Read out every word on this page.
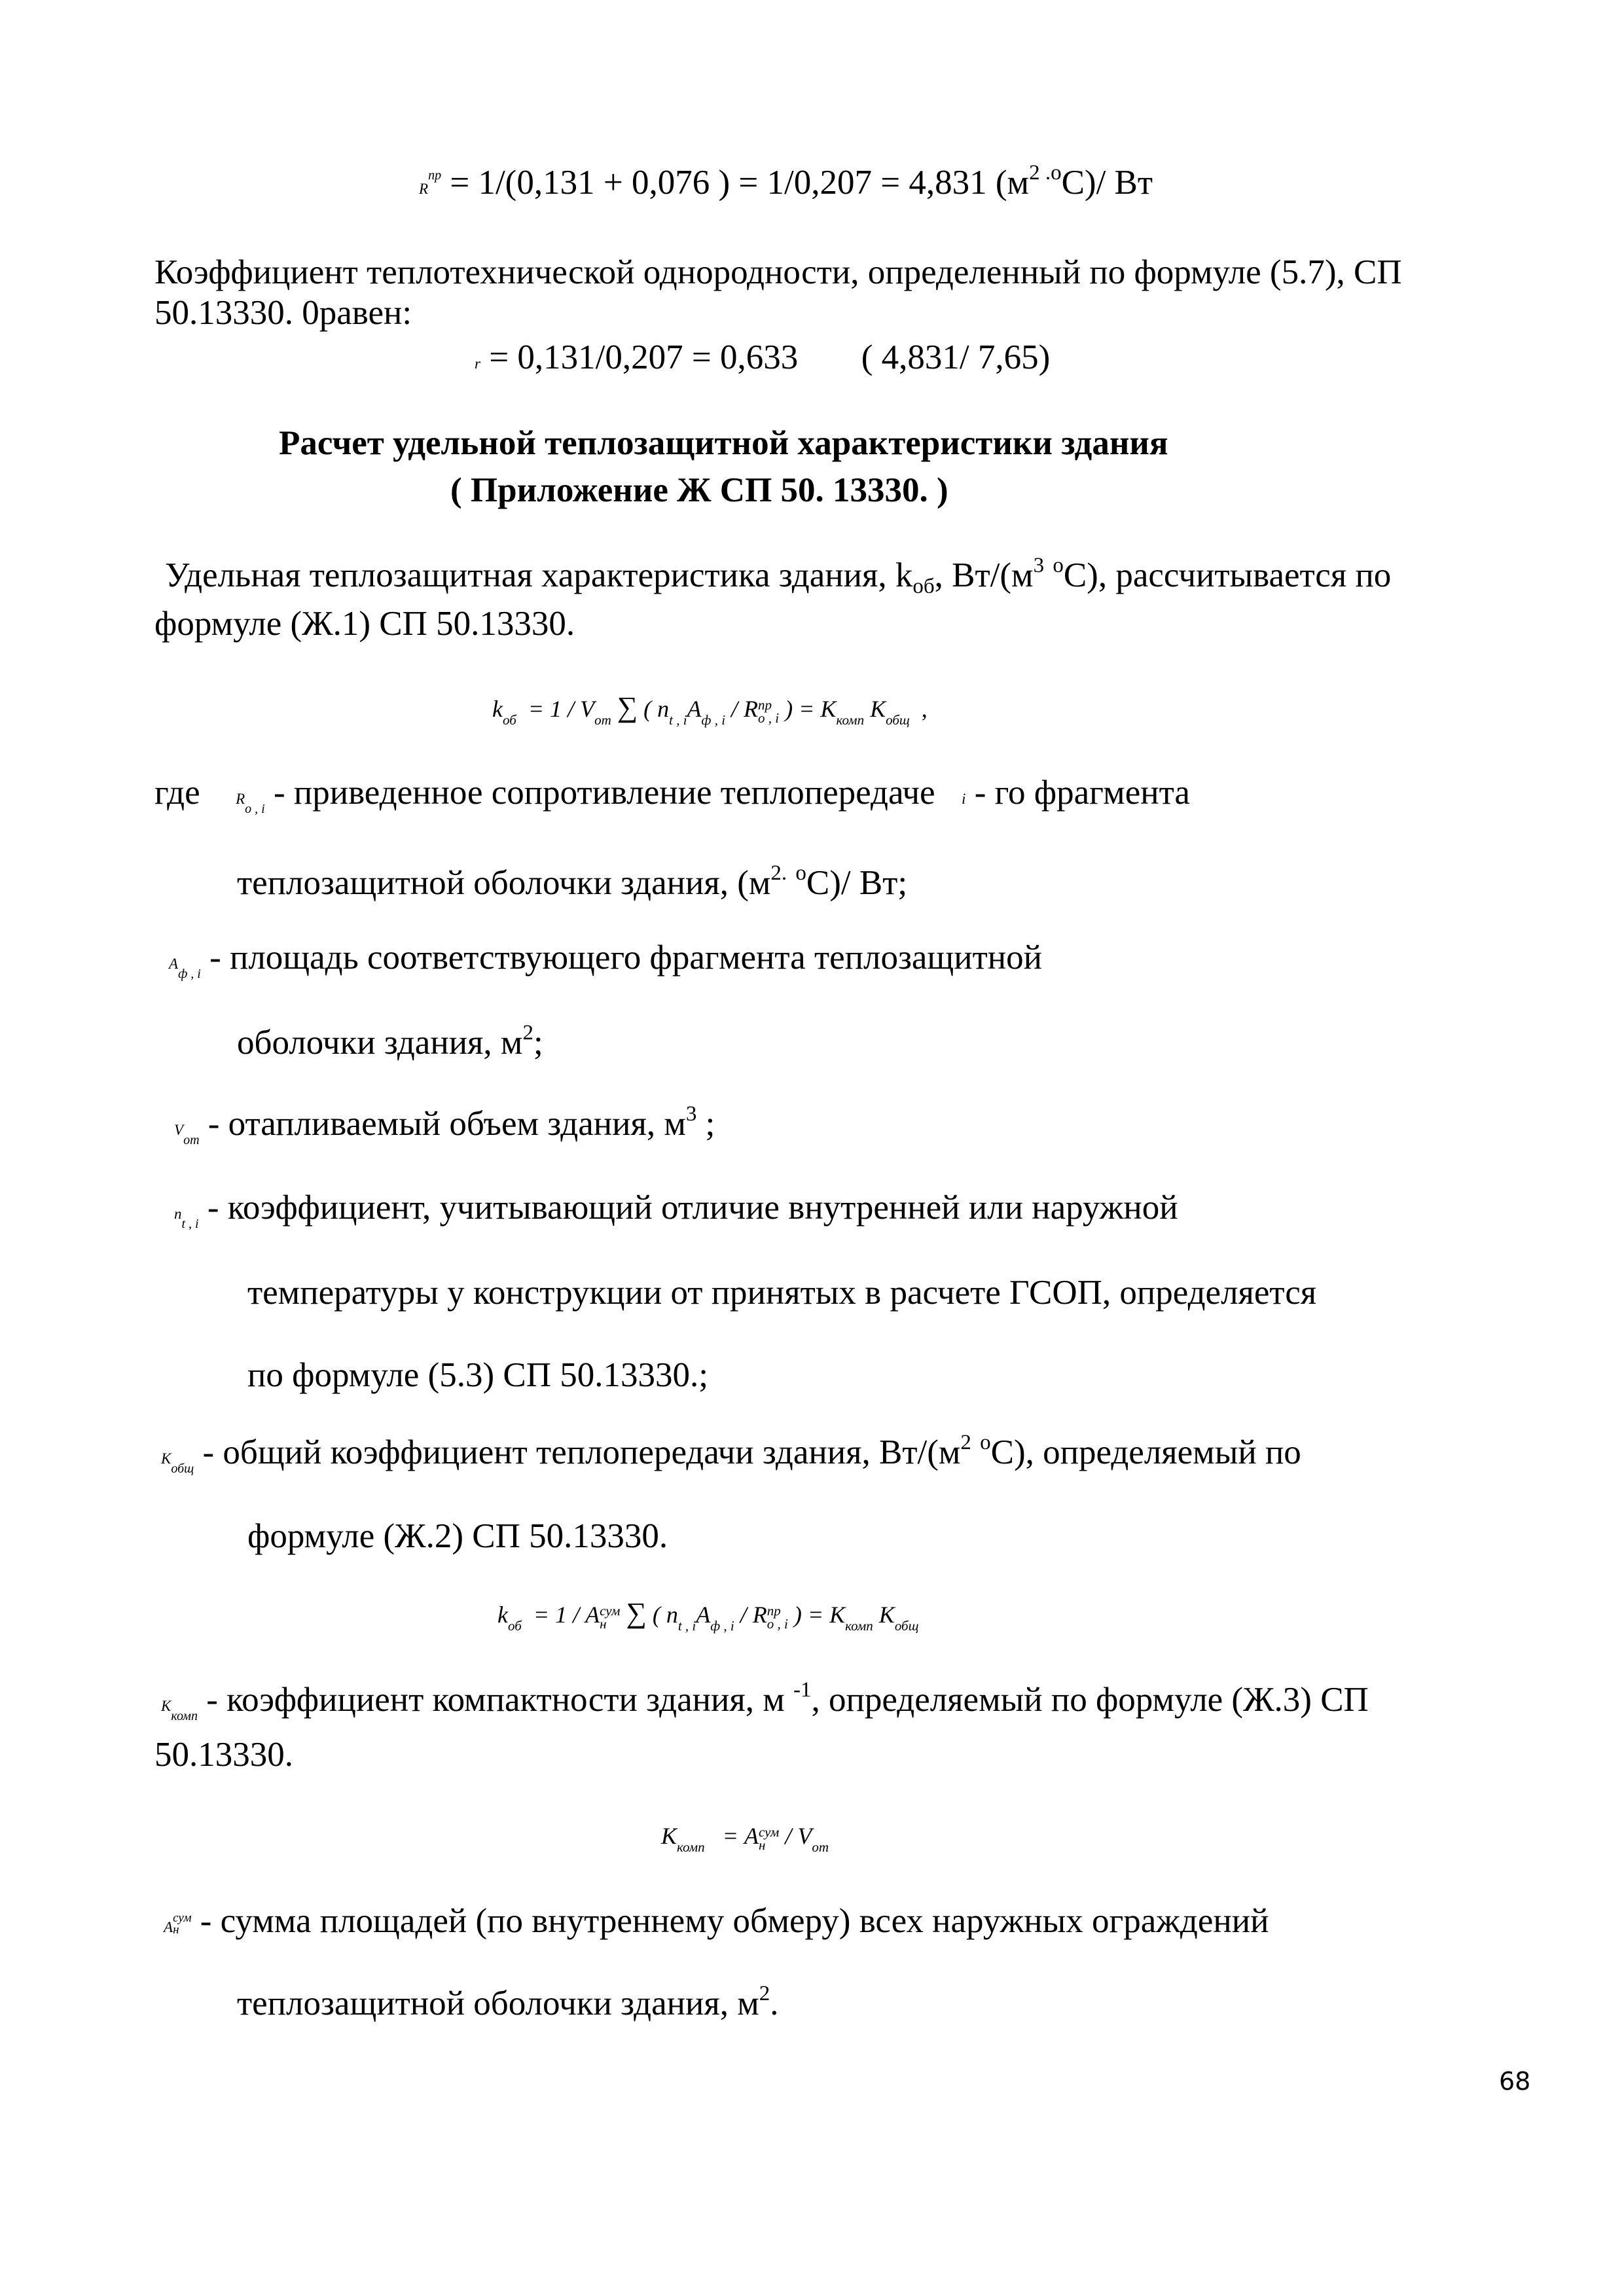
$R^{пр} = 1/(0,131 + 0,076$ ) = 1/0,207 = 4,831 $(м^{2 .о}С)/$ Вт
Коэффициент теплотехнической однородности, определенный по формуле (5.7), СП
50.13330. 0равен:
r = 0,131/0,207 = 0,633 ( 4,831/ 7,65)
Расчет удельной теплозащитной характеристики здания
( Приложение Ж СП 50. 13330. )
Удельная теплозащитная характеристика здания, kоб, $Вт/(м^3$ $^о$С), рассчитывается по
формуле (Ж.1) СП 50.13330.
$k_{об} = 1 / V_{от}$ ∑ ( $n_{t , i}A_{ф , i}$ / R пр
о , i ) = $K_{комп}$ $K_{общ}$ ,
где $R_{о , i}$ - приведенное сопротивление теплопередаче i - го фрагмента
теплозащитной оболочки здания, ($м^{2.}$ $^о$С)/ Вт;
$A_{ф , i}$ - площадь соответствующего фрагмента теплозащитной
оболочки здания, $м^2$;
$V_{от}$ - отапливаемый объем здания, $м^3$ ;
$n_{t , i}$ - коэффициент, учитывающий отличие внутренней или наружной
температуры у конструкции от принятых в расчете ГСОП, определяется
по формуле (5.3) СП 50.13330.;
$K_{общ}$ - общий коэффициент теплопередачи здания, $Вт/(м^2$ $^о$С), определяемый по
формуле (Ж.2) СП 50.13330.
$k_{об} = 1 / A$ сум
н ∑ ( $n_{t , i}A_{ф , i}$ / R пр
о , i ) = $K_{комп}$ $K_{общ}$
$K_{комп}$ - коэффициент компактности здания, м $^{-1}$, определяемый по формуле (Ж.3) СП
50.13330.
$K_{комп} = A$ сум
н / $V_{от}$
A
сум
н - сумма площадей (по внутреннему обмеру) всех наружных ограждений
теплозащитной оболочки здания, $м^2$.
68
